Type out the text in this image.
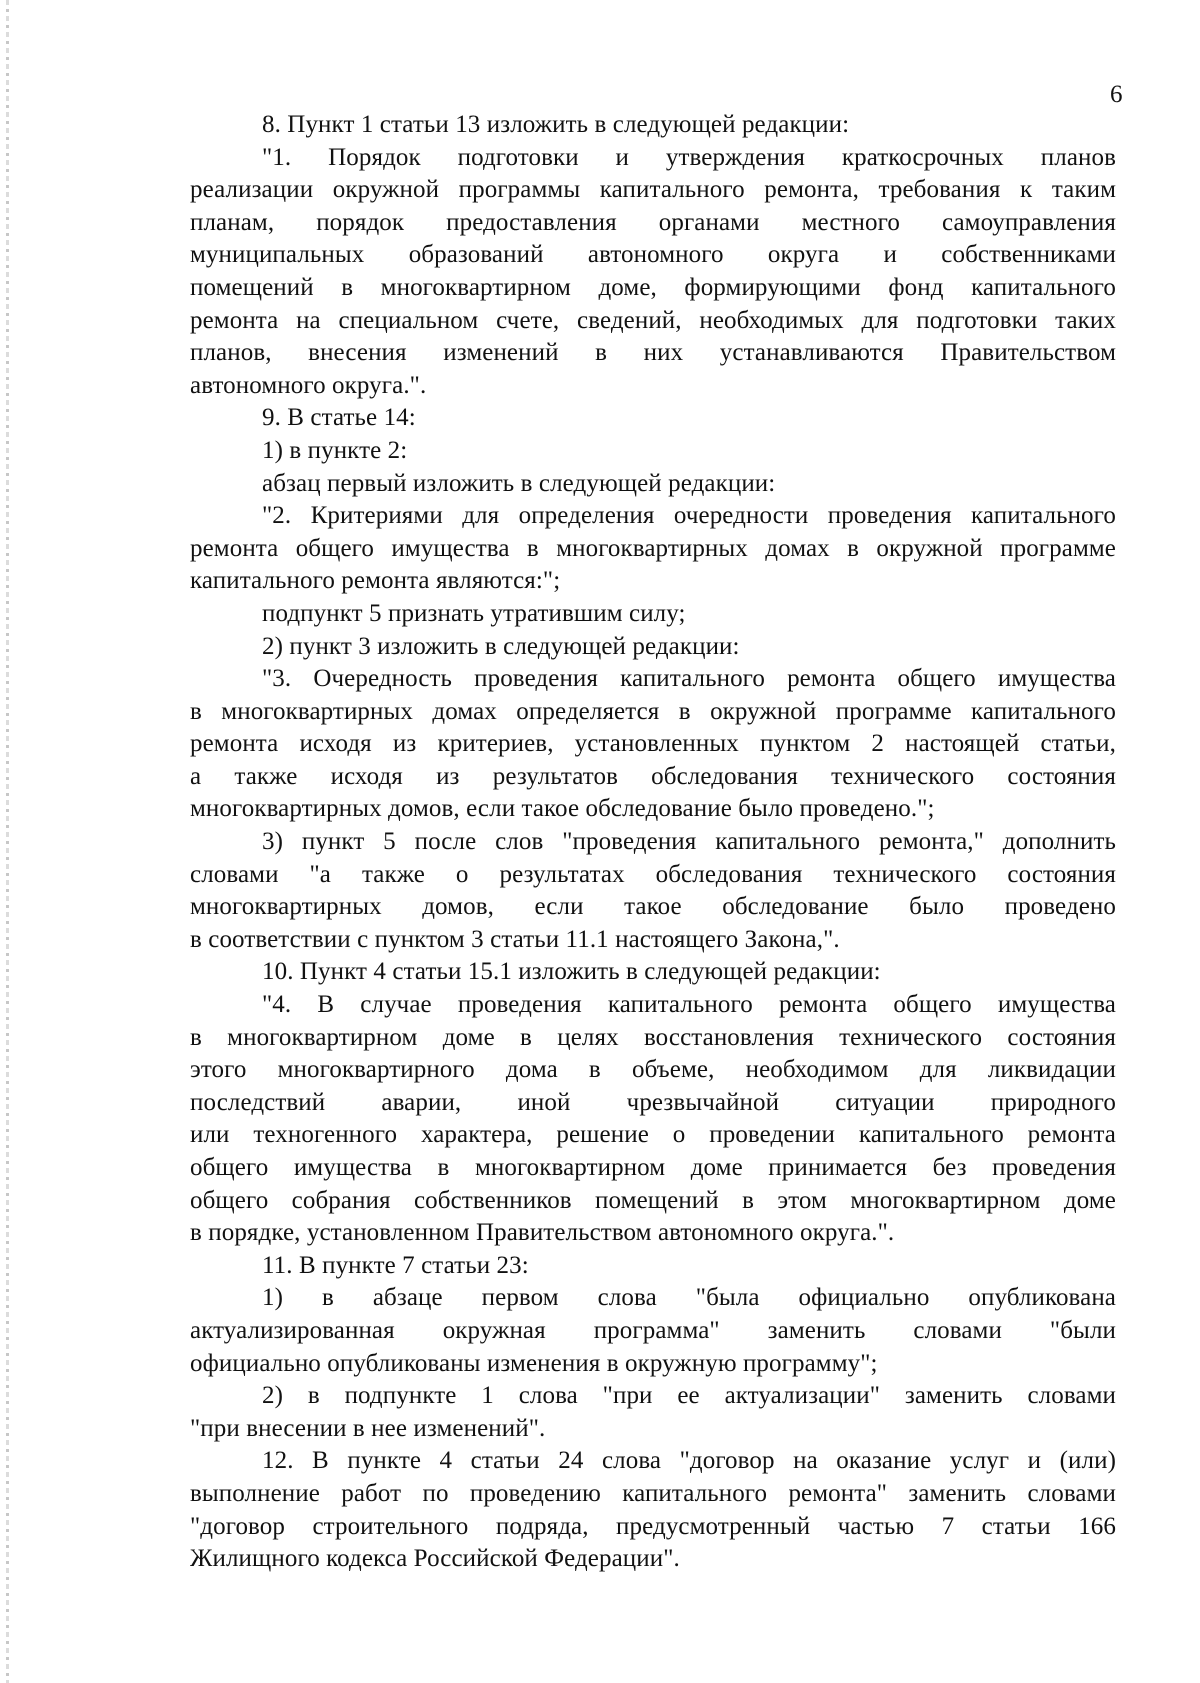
6
8. Пункт 1 статьи 13 изложить в следующей редакции:
"1. Порядок подготовки и утверждения краткосрочных планов
реализации окружной программы капитального ремонта, требования к таким
планам, порядок предоставления органами местного самоуправления
муниципальных образований автономного округа и собственниками
помещений в многоквартирном доме, формирующими фонд капитального
ремонта на специальном счете, сведений, необходимых для подготовки таких
планов, внесения изменений в них устанавливаются Правительством
автономного округа.".
9. В статье 14:
1) в пункте 2:
абзац первый изложить в следующей редакции:
"2. Критериями для определения очередности проведения капитального
ремонта общего имущества в многоквартирных домах в окружной программе
капитального ремонта являются:";
подпункт 5 признать утратившим силу;
2) пункт 3 изложить в следующей редакции:
"3. Очередность проведения капитального ремонта общего имущества
в многоквартирных домах определяется в окружной программе капитального
ремонта исходя из критериев, установленных пунктом 2 настоящей статьи,
а также исходя из результатов обследования технического состояния
многоквартирных домов, если такое обследование было проведено.";
3) пункт 5 после слов "проведения капитального ремонта," дополнить
словами "а также о результатах обследования технического состояния
многоквартирных домов, если такое обследование было проведено
в соответствии с пунктом 3 статьи 11.1 настоящего Закона,".
10. Пункт 4 статьи 15.1 изложить в следующей редакции:
"4. В случае проведения капитального ремонта общего имущества
в многоквартирном доме в целях восстановления технического состояния
этого многоквартирного дома в объеме, необходимом для ликвидации
последствий аварии, иной чрезвычайной ситуации природного
или техногенного характера, решение о проведении капитального ремонта
общего имущества в многоквартирном доме принимается без проведения
общего собрания собственников помещений в этом многоквартирном доме
в порядке, установленном Правительством автономного округа.".
11. В пункте 7 статьи 23:
1) в абзаце первом слова "была официально опубликована
актуализированная окружная программа" заменить словами "были
официально опубликованы изменения в окружную программу";
2) в подпункте 1 слова "при ее актуализации" заменить словами
"при внесении в нее изменений".
12. В пункте 4 статьи 24 слова "договор на оказание услуг и (или)
выполнение работ по проведению капитального ремонта" заменить словами
"договор строительного подряда, предусмотренный частью 7 статьи 166
Жилищного кодекса Российской Федерации".
